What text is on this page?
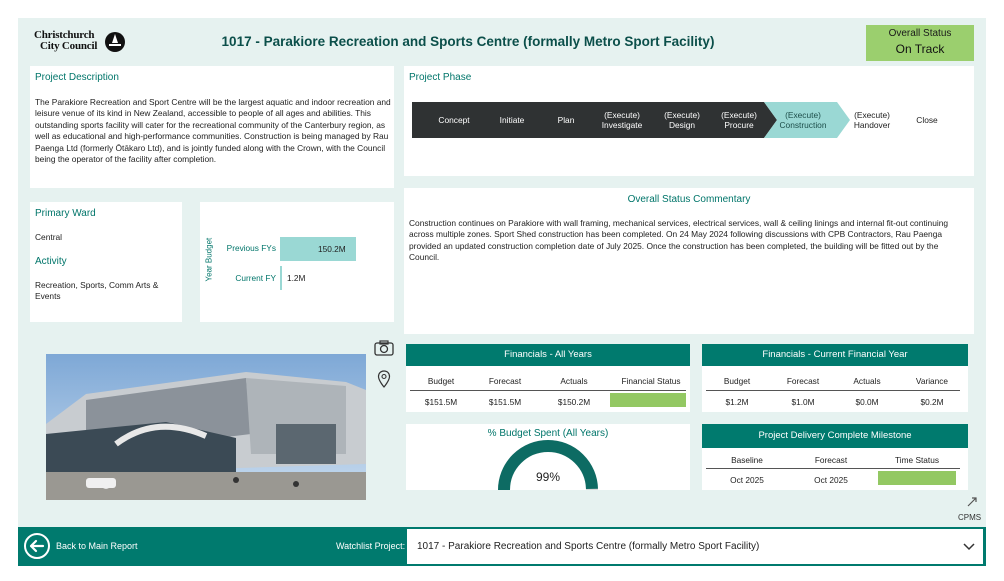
Christchurch
City Council	1017 - Parakiore Recreation and Sports Centre (formally Metro Sport Facility)
Overall Status
On Track
Project Description
The Parakiore Recreation and Sport Centre will be the largest aquatic and indoor recreation and leisure venue of its kind in New Zealand, accessible to people of all ages and abilities. This outstanding sports facility will cater for the recreational community of the Canterbury region, as well as educational and high-performance communities. Construction is being managed by Rau Paenga Ltd (formerly Ōtākaro Ltd), and is jointly funded along with the Crown, with the Council being the operator of the facility after completion.
Primary Ward
Central
Activity
Recreation, Sports, Comm Arts & Events
Year Budget	Previous FYs	150.2M
Current FY 1.2M
Project Phase
Concept	Initiate	Plan	(Execute)
Investigate
(Execute)
Design
(Execute)
Procure
(Execute)
Construction
(Execute)
Handover	Close
Overall Status Commentary
Construction continues on Parakiore with wall framing, mechanical services, electrical services, wall & ceiling linings and internal fit-out continuing across multiple zones. Sport Shed construction has been completed. On 24 May 2024 following discussions with CPB Contractors, Rau Paenga provided an updated construction completion date of July 2025. Once the construction has been completed, the building will be fitted out by the Council.
Financials - All Years
Budget	Forecast	Actuals	Financial Status
$151.5M	$151.5M	$150.2M
Financials - Current Financial Year
Budget	Forecast	Actuals	Variance
$1.2M	$1.0M	$0.0M	$0.2M
% Budget Spent (All Years)
99%
Project Delivery Complete Milestone
Baseline	Forecast	Time Status
Oct 2025	Oct 2025
CPMS
Back to Main Report	Watchlist Project: 1017 - Parakiore Recreation and Sports Centre (formally Metro Sport Facility)
